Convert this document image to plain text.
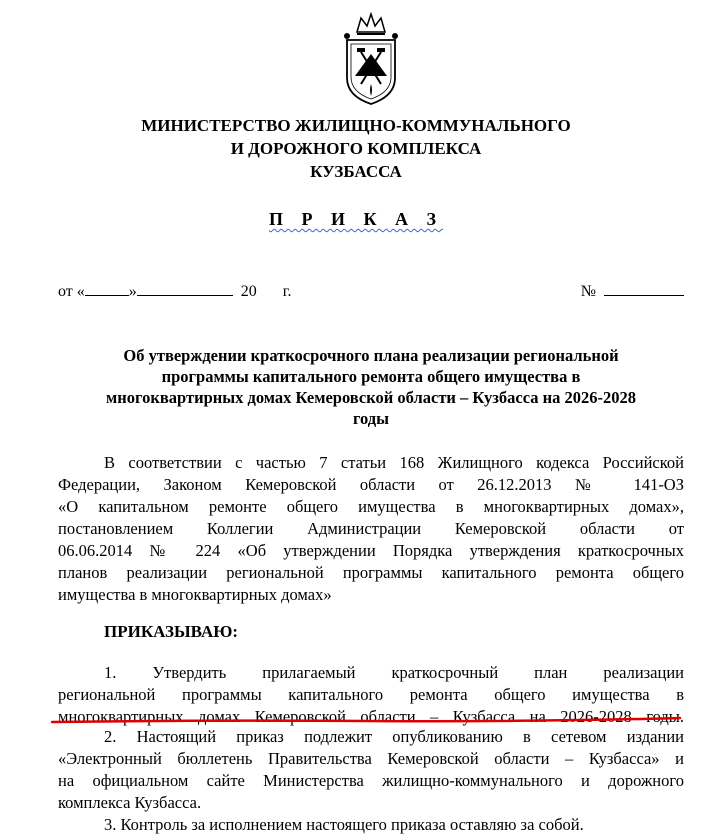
МИНИСТЕРСТВО ЖИЛИЩНО-КОММУНАЛЬНОГО
И ДОРОЖНОГО КОМПЛЕКСА
КУЗБАССА
П Р И К А З
от «	»	20 г.	№
Об утверждении краткосрочного плана реализации региональной
программы капитального ремонта общего имущества в
многоквартирных домах Кемеровской области – Кузбасса на 2026-2028
годы
В соответствии с частью 7 статьи 168 Жилищного кодекса Российской
Федерации, Законом Кемеровской области от 26.12.2013 № 141-ОЗ
«О капитальном ремонте общего имущества в многоквартирных домах»,
постановлением Коллегии Администрации Кемеровской области от
06.06.2014 № 224 «Об утверждении Порядка утверждения краткосрочных
планов реализации региональной программы капитального ремонта общего
имущества в многоквартирных домах»
ПРИКАЗЫВАЮ:
1. Утвердить прилагаемый краткосрочный план реализации
региональной программы капитального ремонта общего имущества в
многоквартирных домах Кемеровской области – Кузбасса на 2026-2028 годы.
2. Настоящий приказ подлежит опубликованию в сетевом издании
«Электронный бюллетень Правительства Кемеровской области – Кузбасса» и
на официальном сайте Министерства жилищно-коммунального и дорожного
комплекса Кузбасса.
3. Контроль за исполнением настоящего приказа оставляю за собой.
